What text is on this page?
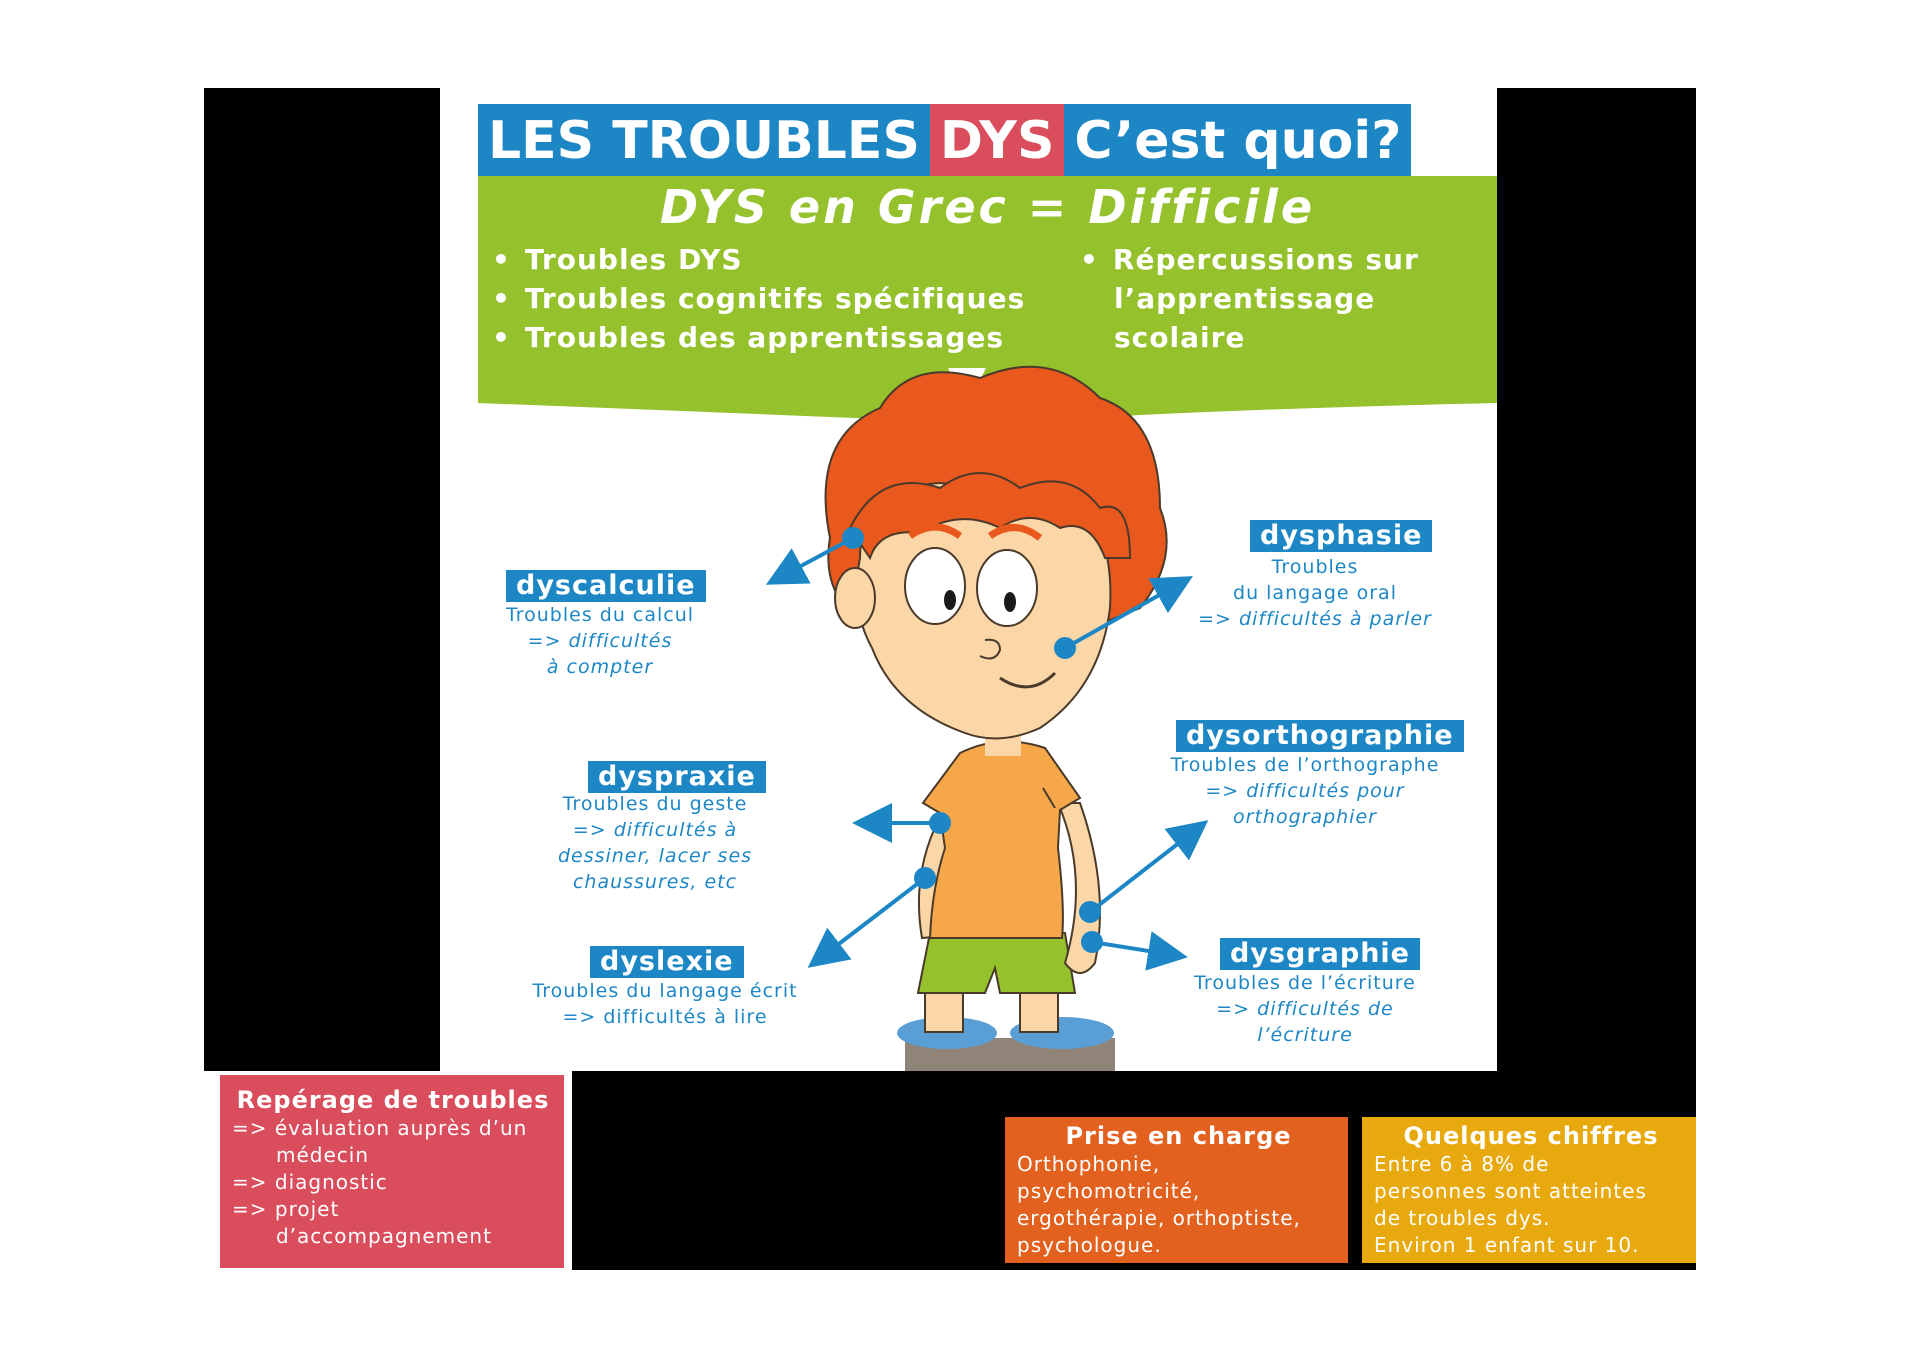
LES TROUBLES DYS C’est quoi?
DYS en Grec = Difficile
• Troubles DYS
• Troubles cognitifs spécifiques
• Troubles des apprentissages
• Répercussions sur
l’apprentissage
scolaire
dyscalculie
Troubles du calcul
=> difficultés
à compter
dysphasie
Troubles
du langage oral
=> difficultés à parler
dyspraxie
Troubles du geste
=> difficultés à
dessiner, lacer ses
chaussures, etc
dysorthographie
Troubles de l’orthographe
=> difficultés pour
orthographier
dyslexie
Troubles du langage écrit
=> difficultés à lire
dysgraphie
Troubles de l’écriture
=> difficultés de
l’écriture
Repérage de troubles

=> évaluation auprès d’un

médecin

=> diagnostic

=> projet

d’accompagnement

Prise en charge

Orthophonie,

psychomotricité,

ergothérapie, orthoptiste,

psychologue.

Quelques chiffres

Entre 6 à 8% de

personnes sont atteintes

de troubles dys.

Environ 1 enfant sur 10.
